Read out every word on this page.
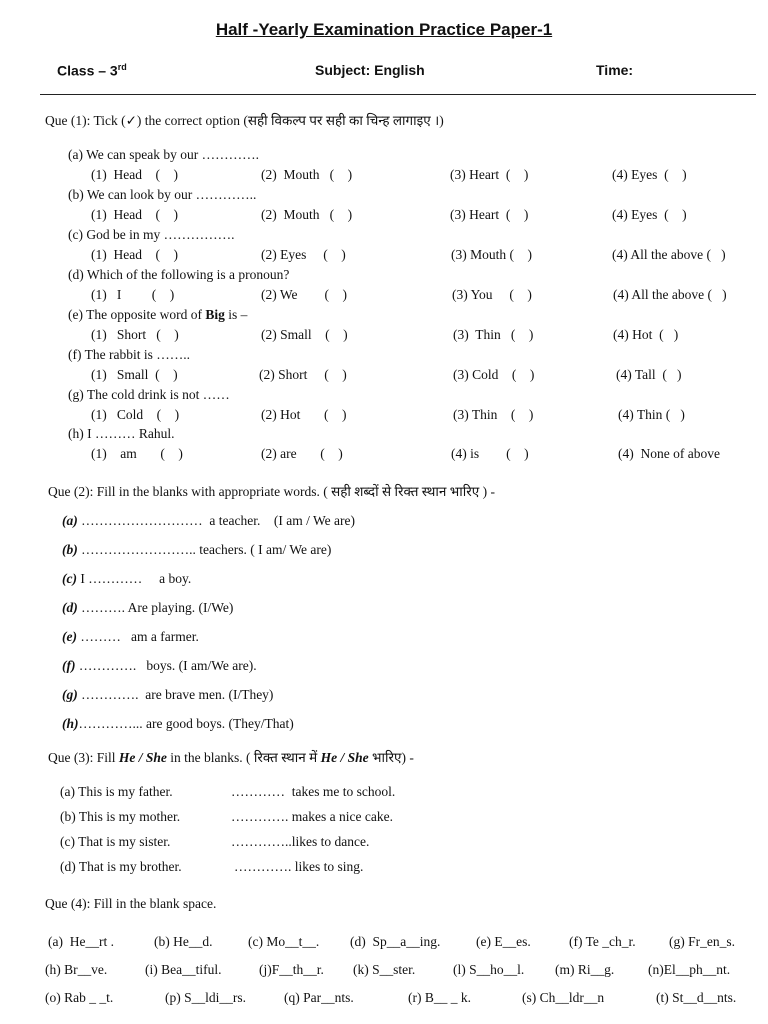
Half -Yearly Examination Practice Paper-1
Class – 3rd	Subject: English	Time:
Que (1): Tick (✓) the correct option (सही विकल्प पर सही का चिन्ह लागाइए ।)
(a) We can speak by our ………….
(1)  Head    (    )	(2)  Mouth   (    )	(3) Heart  (    )	(4) Eyes  (    )
(b) We can look by our …………..
(1)  Head    (    )	(2)  Mouth   (    )	(3) Heart  (    )	(4) Eyes  (    )
(c) God be in my …………….
(1)  Head    (    )	(2) Eyes     (    )	(3) Mouth (    )	(4) All the above (   )
(d) Which of the following is a pronoun?
(1)   I         (    )	(2) We        (    )	(3) You     (    )	(4) All the above (   )
(e) The opposite word of Big is –
(1)   Short   (    )	(2) Small    (    )	(3)  Thin   (    )	(4) Hot  (   )
(f) The rabbit is ……..
(1)   Small  (    )	(2) Short     (    )	(3) Cold    (    )	(4) Tall  (   )
(g) The cold drink is not ……
(1)   Cold    (    )	(2) Hot       (    )	(3) Thin    (    )	(4) Thin (   )
(h) I ……… Rahul.
(1)    am       (    )	(2) are       (    )	(4) is        (    )	(4)  None of above
Que (2): Fill in the blanks with appropriate words. ( सही शब्दों से रिक्त स्थान भारिए ) -
(a) ………………………  a teacher.    (I am / We are)
(b) …………………….. teachers. ( I am/ We are)
(c) I …………     a boy.
(d) ………. Are playing. (I/We)
(e) ………   am a farmer.
(f) ………….   boys. (I am/We are).
(g) ………….  are brave men. (I/They)
(h)…………... are good boys. (They/That)
Que (3): Fill He / She in the blanks. ( रिक्त स्थान में He / She भारिए) -
(a) This is my father.	…………  takes me to school.
(b) This is my mother.	…………. makes a nice cake.
(c) That is my sister.	…………..likes to dance.
(d) That is my brother.	…………. likes to sing.
Que (4): Fill in the blank space.
(a)  He__rt .	(b) He__d.	(c) Mo__t__. (d)  Sp__a__ing.	(e) E__es.	(f) Te _ch_r. (g) Fr_en_s.
(h) Br__ve.	(i) Bea__tiful.	(j)F__th__r. (k) S__ster.	(l) S__ho__l. (m) Ri__g.	(n)El__ph__nt.
(o) Rab _ _t.	(p) S__ldi__rs.	(q) Par__nts.	(r) B__ _ k.	(s) Ch__ldr__n	(t) St__d__nts.
